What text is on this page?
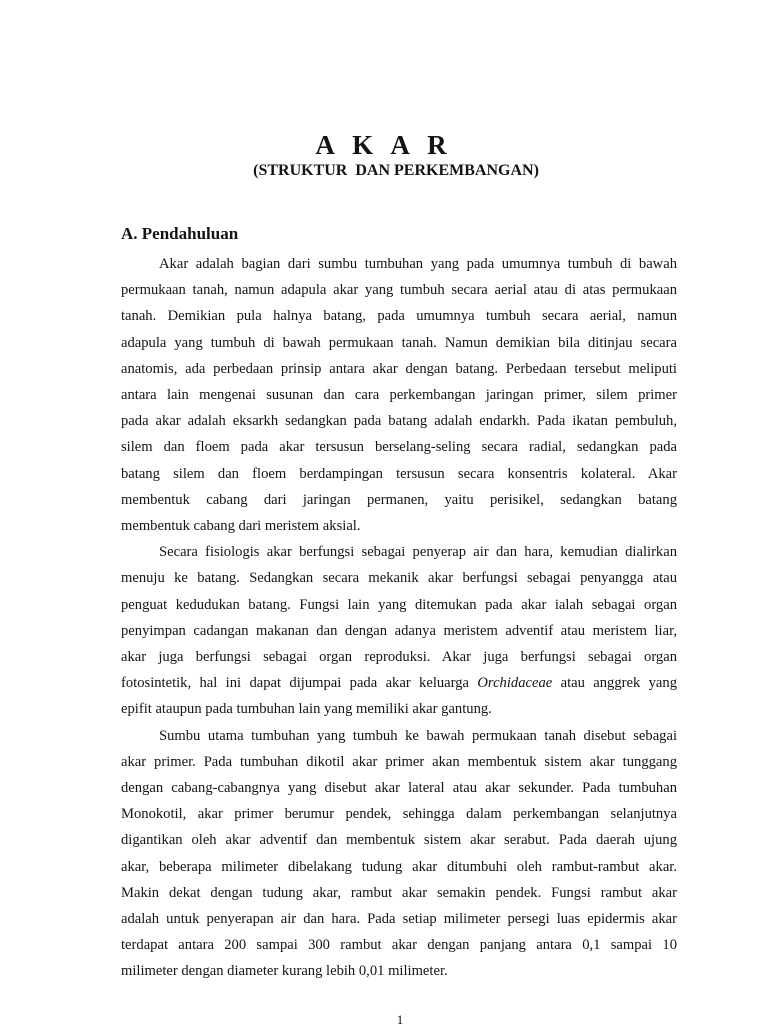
A K A R
(STRUKTUR  DAN PERKEMBANGAN)
A. Pendahuluan

Akar adalah bagian dari sumbu tumbuhan yang pada umumnya tumbuh di bawah
permukaan tanah, namun adapula akar yang tumbuh secara aerial atau di atas permukaan
tanah. Demikian pula halnya batang, pada umumnya tumbuh secara aerial, namun
adapula yang tumbuh di bawah permukaan tanah. Namun demikian bila ditinjau secara
anatomis, ada perbedaan prinsip antara akar dengan batang. Perbedaan tersebut meliputi
antara lain mengenai susunan dan cara perkembangan jaringan primer, silem primer
pada akar adalah eksarkh sedangkan pada batang adalah endarkh. Pada ikatan pembuluh,
silem dan floem pada akar tersusun berselang-seling secara radial, sedangkan pada
batang silem dan floem berdampingan tersusun secara konsentris kolateral. Akar
membentuk cabang dari jaringan permanen, yaitu perisikel, sedangkan batang
membentuk cabang dari meristem aksial.

Secara fisiologis akar berfungsi sebagai penyerap air dan hara, kemudian dialirkan
menuju ke batang. Sedangkan secara mekanik akar berfungsi sebagai penyangga atau
penguat kedudukan batang. Fungsi lain yang ditemukan pada akar ialah sebagai organ
penyimpan cadangan makanan dan dengan adanya meristem adventif atau meristem liar,
akar juga berfungsi sebagai organ reproduksi. Akar juga berfungsi sebagai organ
fotosintetik, hal ini dapat dijumpai pada akar keluarga Orchidaceae atau anggrek yang
epifit ataupun pada tumbuhan lain yang memiliki akar gantung.

Sumbu utama tumbuhan yang tumbuh ke bawah permukaan tanah disebut sebagai
akar primer. Pada tumbuhan dikotil akar primer akan membentuk sistem akar tunggang
dengan cabang-cabangnya yang disebut akar lateral atau akar sekunder. Pada tumbuhan
Monokotil, akar primer berumur pendek, sehingga dalam perkembangan selanjutnya
digantikan oleh akar adventif dan membentuk sistem akar serabut. Pada daerah ujung
akar, beberapa milimeter dibelakang tudung akar ditumbuhi oleh rambut-rambut akar.
Makin dekat dengan tudung akar, rambut akar semakin pendek. Fungsi rambut akar
adalah untuk penyerapan air dan hara. Pada setiap milimeter persegi luas epidermis akar
terdapat antara 200 sampai 300 rambut akar dengan panjang antara 0,1 sampai 10
milimeter dengan diameter kurang lebih 0,01 milimeter.

1
